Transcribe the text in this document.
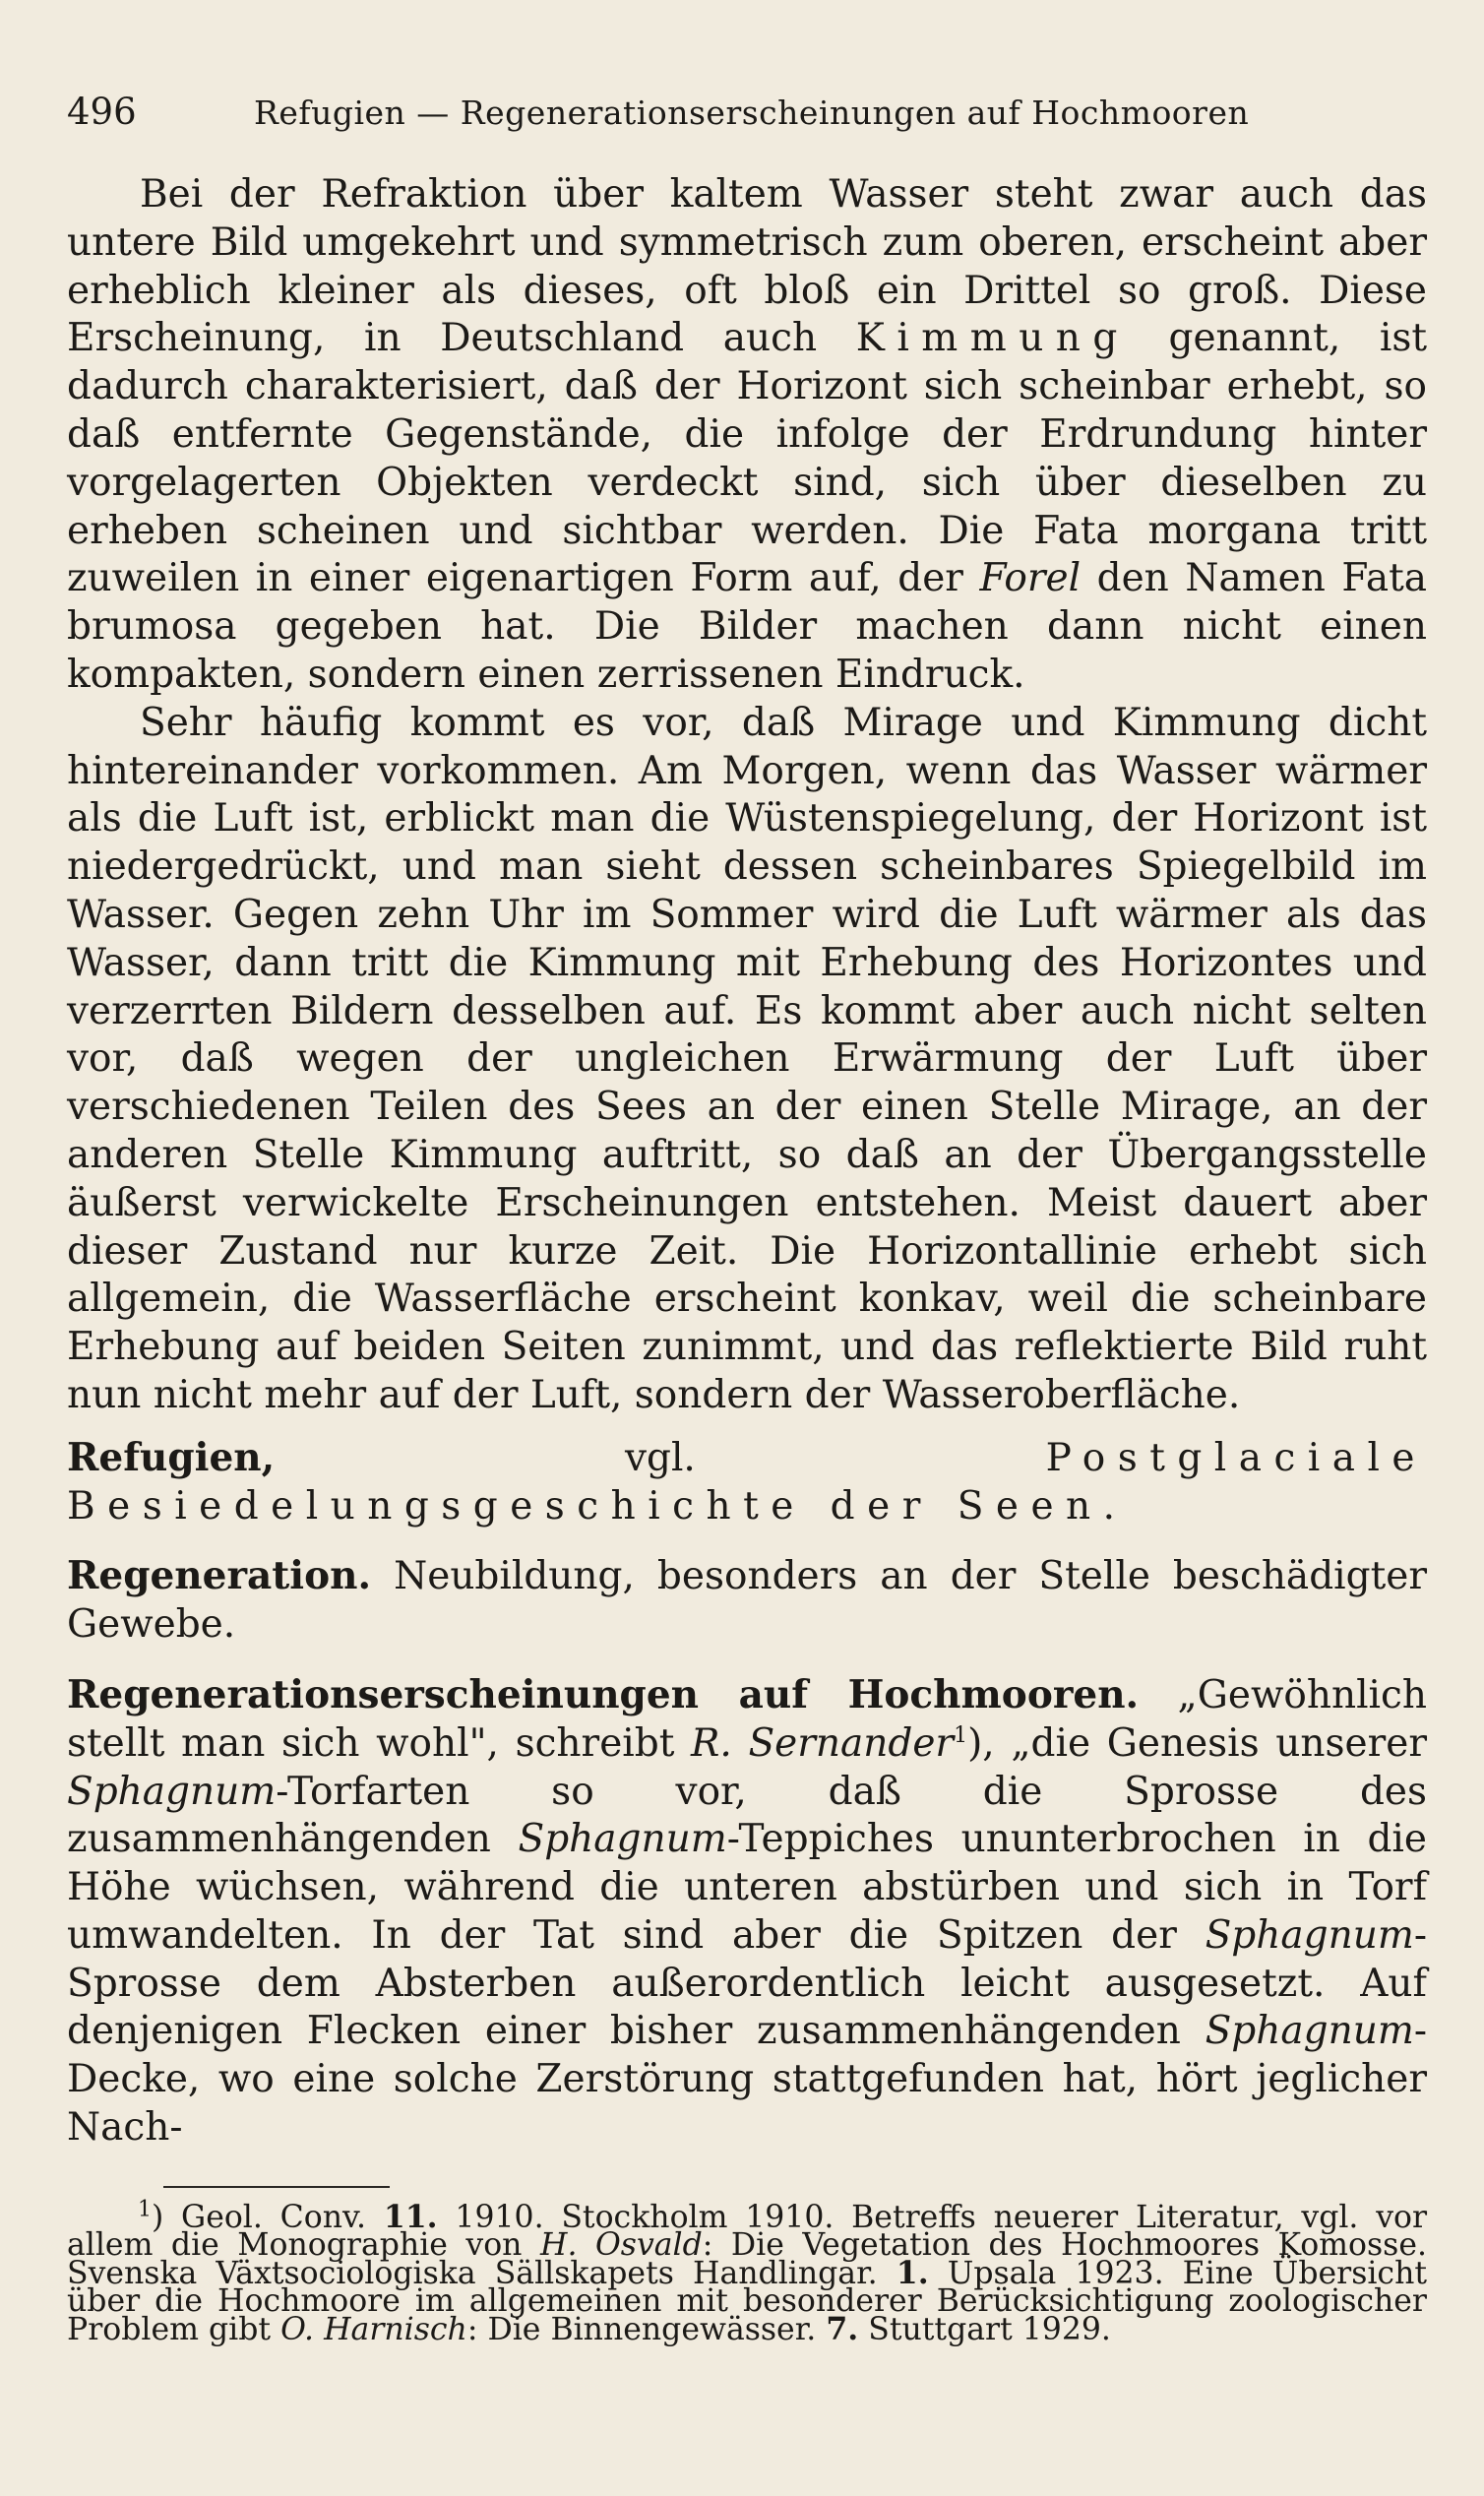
496	Refugien — Regenerationserscheinungen auf Hochmooren

Bei der Refraktion über kaltem Wasser steht zwar auch das untere Bild umgekehrt und symmetrisch zum oberen, erscheint aber erheblich kleiner als dieses, oft bloß ein Drittel so groß. Diese Erscheinung, in Deutschland auch Kimmung genannt, ist dadurch charakterisiert, daß der Horizont sich scheinbar erhebt, so daß entfernte Gegenstände, die infolge der Erdrundung hinter vorgelagerten Objekten verdeckt sind, sich über dieselben zu erheben scheinen und sichtbar werden. Die Fata morgana tritt zuweilen in einer eigenartigen Form auf, der Forel den Namen Fata brumosa gegeben hat. Die Bilder machen dann nicht einen kompakten, sondern einen zerrissenen Eindruck.

Sehr häufig kommt es vor, daß Mirage und Kimmung dicht hintereinander vorkommen. Am Morgen, wenn das Wasser wärmer als die Luft ist, erblickt man die Wüstenspiegelung, der Horizont ist niedergedrückt, und man sieht dessen scheinbares Spiegelbild im Wasser. Gegen zehn Uhr im Sommer wird die Luft wärmer als das Wasser, dann tritt die Kimmung mit Erhebung des Horizontes und verzerrten Bildern desselben auf. Es kommt aber auch nicht selten vor, daß wegen der ungleichen Erwärmung der Luft über verschiedenen Teilen des Sees an der einen Stelle Mirage, an der anderen Stelle Kimmung auftritt, so daß an der Übergangsstelle äußerst verwickelte Erscheinungen entstehen. Meist dauert aber dieser Zustand nur kurze Zeit. Die Horizontallinie erhebt sich allgemein, die Wasserfläche erscheint konkav, weil die scheinbare Erhebung auf beiden Seiten zunimmt, und das reflektierte Bild ruht nun nicht mehr auf der Luft, sondern der Wasseroberfläche.

Refugien,	vgl.	Postglaciale Besiedelungsgeschichte der Seen.

Regeneration. Neubildung, besonders an der Stelle beschädigter Gewebe.

Regenerationserscheinungen auf Hochmooren. „Gewöhnlich stellt man sich wohl", schreibt R. Sernander$^1$), „die Genesis unserer Sphagnum-Torfarten so vor, daß die Sprosse des zusammenhängenden Sphagnum-Teppiches ununterbrochen in die Höhe wüchsen, während die unteren abstürben und sich in Torf umwandelten. In der Tat sind aber die Spitzen der Sphagnum-Sprosse dem Absterben außerordentlich leicht ausgesetzt. Auf denjenigen Flecken einer bisher zusammenhängenden Sphagnum-Decke, wo eine solche Zerstörung stattgefunden hat, hört jeglicher Nach-

$^1$) Geol. Conv. 11. 1910. Stockholm 1910. Betreffs neuerer Literatur, vgl. vor allem die Monographie von H. Osvald: Die Vegetation des Hochmoores Komosse. Svenska Växtsociologiska Sällskapets Handlingar. 1. Upsala 1923. Eine Übersicht über die Hochmoore im allgemeinen mit besonderer Berücksichtigung zoologischer Problem gibt O. Harnisch: Die Binnengewässer. 7. Stuttgart 1929.
